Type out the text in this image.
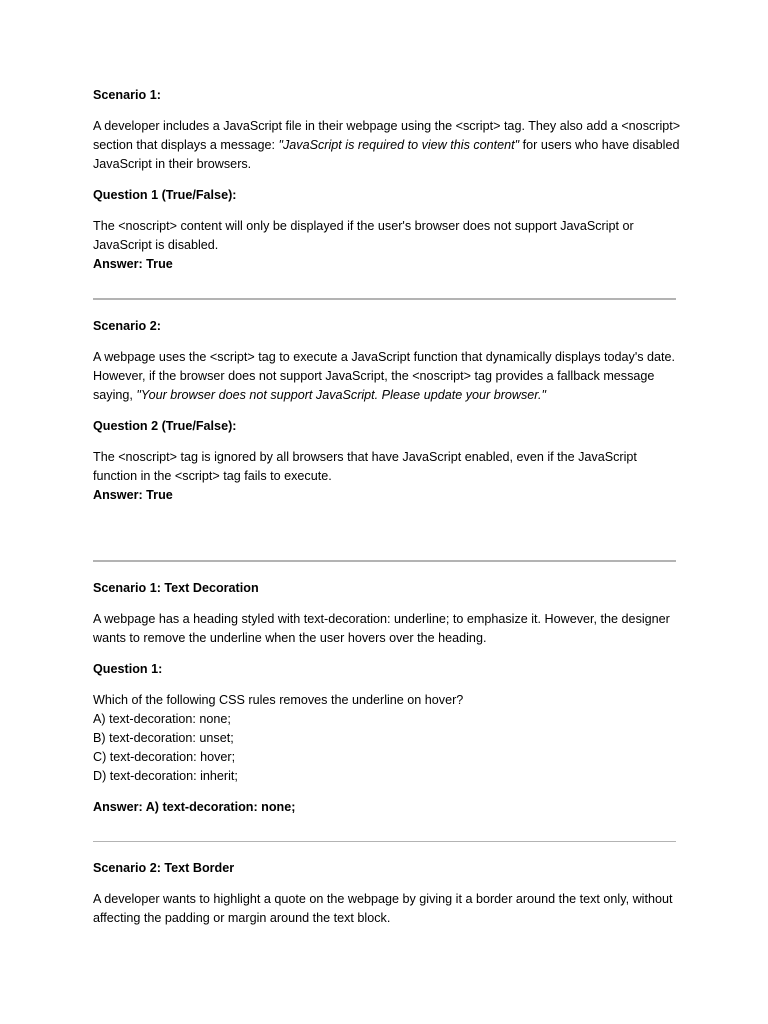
Scenario 1:

A developer includes a JavaScript file in their webpage using the <script> tag. They also add a <noscript> section that displays a message: "JavaScript is required to view this content" for users who have disabled JavaScript in their browsers.

Question 1 (True/False):

The <noscript> content will only be displayed if the user's browser does not support JavaScript or JavaScript is disabled.

Answer: True

Scenario 2:

A webpage uses the <script> tag to execute a JavaScript function that dynamically displays today's date. However, if the browser does not support JavaScript, the <noscript> tag provides a fallback message saying, "Your browser does not support JavaScript. Please update your browser."

Question 2 (True/False):

The <noscript> tag is ignored by all browsers that have JavaScript enabled, even if the JavaScript function in the <script> tag fails to execute.

Answer: True

Scenario 1: Text Decoration

A webpage has a heading styled with text-decoration: underline; to emphasize it. However, the designer wants to remove the underline when the user hovers over the heading.

Question 1:

Which of the following CSS rules removes the underline on hover?

A) text-decoration: none;

B) text-decoration: unset;

C) text-decoration: hover;

D) text-decoration: inherit;

Answer: A) text-decoration: none;

Scenario 2: Text Border

A developer wants to highlight a quote on the webpage by giving it a border around the text only, without affecting the padding or margin around the text block.
